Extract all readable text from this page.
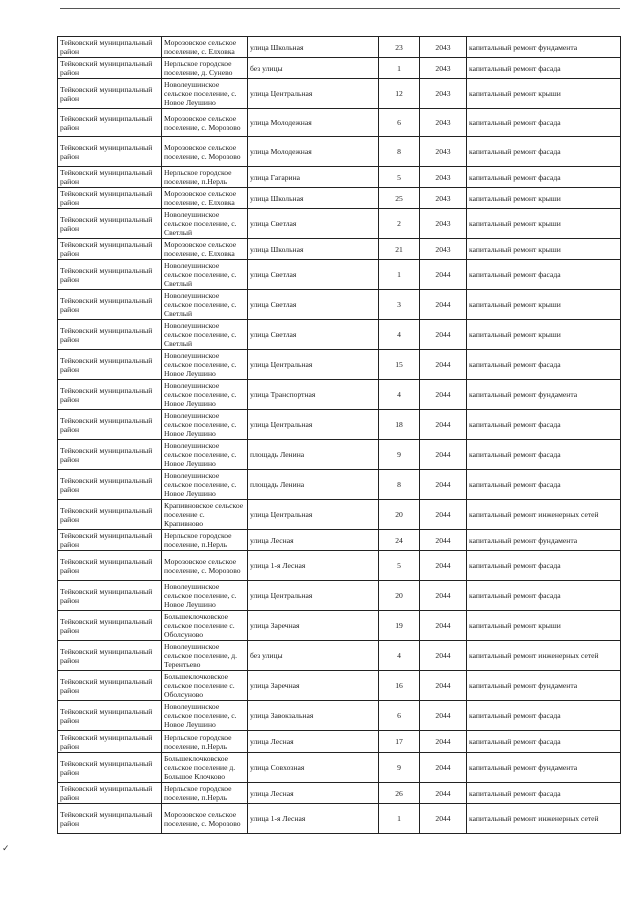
Тейковский муниципальный район	Морозовское сельское поселение, с. Елховка	улица Школьная	23	2043	капитальный ремонт фундамента
Тейковский муниципальный район	Нерльское городское поселение, д. Сунево	без улицы	1	2043	капитальный ремонт фасада
Тейковский муниципальный район	Новолеушинское сельское поселение, с. Новое Леушино	улица Центральная	12	2043	капитальный ремонт крыши
Тейковский муниципальный район	Морозовское сельское поселение, с. Морозово	улица Молодежная	6	2043	капитальный ремонт фасада
Тейковский муниципальный район	Морозовское сельское поселение, с. Морозово	улица Молодежная	8	2043	капитальный ремонт фасада
Тейковский муниципальный район	Нерльское городское поселение, п.Нерль	улица Гагарина	5	2043	капитальный ремонт фасада
Тейковский муниципальный район	Морозовское сельское поселение, с. Елховка	улица Школьная	25	2043	капитальный ремонт крыши
Тейковский муниципальный район	Новолеушинское сельское поселение, с. Светлый	улица Светлая	2	2043	капитальный ремонт крыши
Тейковский муниципальный район	Морозовское сельское поселение, с. Елховка	улица Школьная	21	2043	капитальный ремонт крыши
Тейковский муниципальный район	Новолеушинское сельское поселение, с. Светлый	улица Светлая	1	2044	капитальный ремонт фасада
Тейковский муниципальный район	Новолеушинское сельское поселение, с. Светлый	улица Светлая	3	2044	капитальный ремонт крыши
Тейковский муниципальный район	Новолеушинское сельское поселение, с. Светлый	улица Светлая	4	2044	капитальный ремонт крыши
Тейковский муниципальный район	Новолеушинское сельское поселение, с. Новое Леушино	улица Центральная	15	2044	капитальный ремонт фасада
Тейковский муниципальный район	Новолеушинское сельское поселение, с. Новое Леушино	улица Транспортная	4	2044	капитальный ремонт фундамента
Тейковский муниципальный район	Новолеушинское сельское поселение, с. Новое Леушино	улица Центральная	18	2044	капитальный ремонт фасада
Тейковский муниципальный район	Новолеушинское сельское поселение, с. Новое Леушино	площадь Ленина	9	2044	капитальный ремонт фасада
Тейковский муниципальный район	Новолеушинское сельское поселение, с. Новое Леушино	площадь Ленина	8	2044	капитальный ремонт фасада
Тейковский муниципальный район	Крапивновское сельское поселение с. Крапивново	улица Центральная	20	2044	капитальный ремонт инженерных сетей
Тейковский муниципальный район	Нерльское городское поселение, п.Нерль	улица Лесная	24	2044	капитальный ремонт фундамента
Тейковский муниципальный район	Морозовское сельское поселение, с. Морозово	улица 1-я Лесная	5	2044	капитальный ремонт фасада
Тейковский муниципальный район	Новолеушинское сельское поселение, с. Новое Леушино	улица Центральная	20	2044	капитальный ремонт фасада
Тейковский муниципальный район	Большеклочковское сельское поселение с. Оболсуново	улица Заречная	19	2044	капитальный ремонт крыши
Тейковский муниципальный район	Новолеушинское сельское поселение, д. Терентьево	без улицы	4	2044	капитальный ремонт инженерных сетей
Тейковский муниципальный район	Большеклочковское сельское поселение с. Оболсуново	улица Заречная	16	2044	капитальный ремонт фундамента
Тейковский муниципальный район	Новолеушинское сельское поселение, с. Новое Леушино	улица Завокзальная	6	2044	капитальный ремонт фасада
Тейковский муниципальный район	Нерльское городское поселение, п.Нерль	улица Лесная	17	2044	капитальный ремонт фасада
Тейковский муниципальный район	Большеклочковское сельское поселение д. Большое Клочково	улица Совхозная	9	2044	капитальный ремонт фундамента
Тейковский муниципальный район	Нерльское городское поселение, п.Нерль	улица Лесная	26	2044	капитальный ремонт фасада
Тейковский муниципальный район	Морозовское сельское поселение, с. Морозово	улица 1-я Лесная	1	2044	капитальный ремонт инженерных сетей
✓
